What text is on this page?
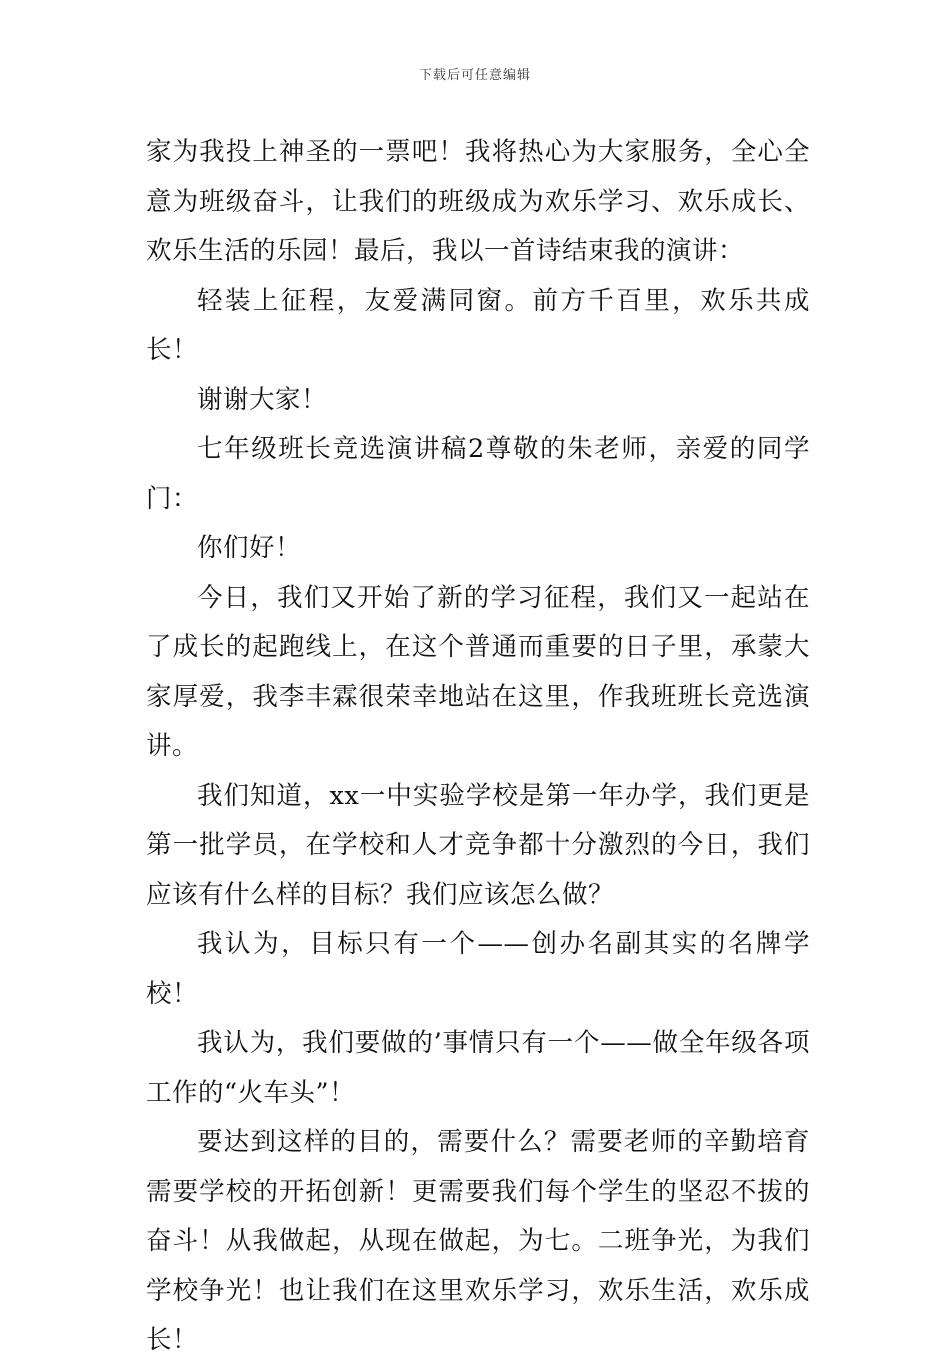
下载后可任意编辑

家为我投上神圣的一票吧！我将热心为大家服务，全心全意为班级奋斗，让我们的班级成为欢乐学习、欢乐成长、欢乐生活的乐园！最后，我以一首诗结束我的演讲：

轻装上征程，友爱满同窗。前方千百里，欢乐共成长！

谢谢大家！

七年级班长竞选演讲稿2尊敬的朱老师，亲爱的同学门：

你们好！

今日，我们又开始了新的学习征程，我们又一起站在了成长的起跑线上，在这个普通而重要的日子里，承蒙大家厚爱，我李丰霖很荣幸地站在这里，作我班班长竞选演讲。

我们知道，xx一中实验学校是第一年办学，我们更是第一批学员，在学校和人才竞争都十分激烈的今日，我们应该有什么样的目标？我们应该怎么做？

我认为，目标只有一个——创办名副其实的名牌学校！

我认为，我们要做的’事情只有一个——做全年级各项工作的“火车头”！

要达到这样的目的，需要什么？需要老师的辛勤培育需要学校的开拓创新！更需要我们每个学生的坚忍不拔的奋斗！从我做起，从现在做起，为七。二班争光，为我们学校争光！也让我们在这里欢乐学习，欢乐生活，欢乐成长！
